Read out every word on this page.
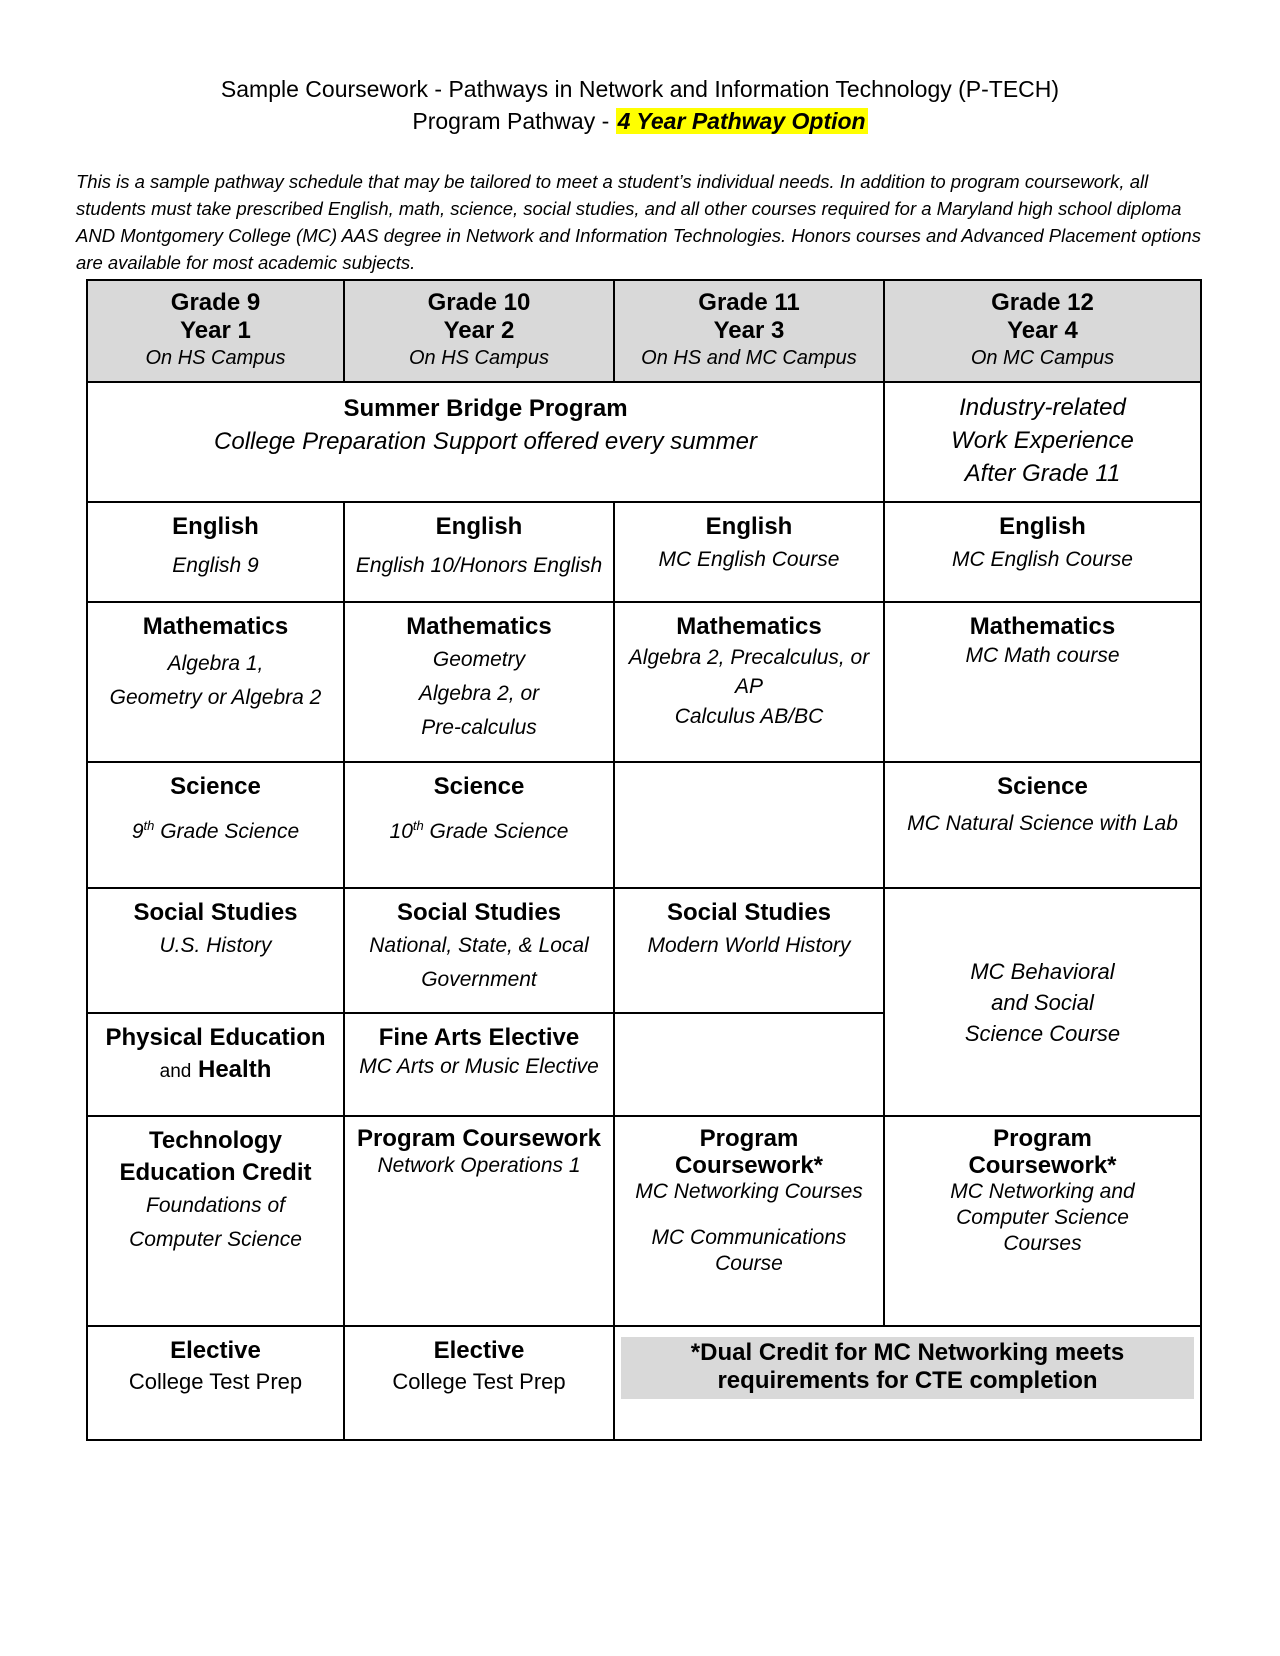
Sample Coursework - Pathways in Network and Information Technology (P-TECH)
Program Pathway - 4 Year Pathway Option
This is a sample pathway schedule that may be tailored to meet a student’s individual needs. In addition to program coursework, all students must take prescribed English, math, science, social studies, and all other courses required for a Maryland high school diploma AND Montgomery College (MC) AAS degree in Network and Information Technologies. Honors courses and Advanced Placement options are available for most academic subjects.
Grade 9
Year 1
On HS Campus	Grade 10
Year 2
On HS Campus	Grade 11
Year 3
On HS and MC Campus	Grade 12
Year 4
On MC Campus

Summer Bridge Program
College Preparation Support offered every summer			Industry-related
Work Experience
After Grade 11

English
English 9	English
English 10/Honors English	English
MC English Course	English
MC English Course

Mathematics
Algebra 1,
Geometry or Algebra 2	Mathematics
Geometry
Algebra 2, or
Pre-calculus	Mathematics
Algebra 2, Precalculus, or
AP
Calculus AB/BC	Mathematics
MC Math course

Science
9th Grade Science	Science
10th Grade Science		Science
MC Natural Science with Lab

Social Studies
U.S. History	Social Studies
National, State, & Local
Government	Social Studies
Modern World History	MC Behavioral
and Social
Science Course

Physical Education
and Health	Fine Arts Elective
MC Arts or Music Elective		

Technology
Education Credit
Foundations of
Computer Science	Program Coursework
Network Operations 1	Program
Coursework*
MC Networking Courses
MC Communications
Course	Program
Coursework*
MC Networking and
Computer Science
Courses

Elective
College Test Prep	Elective
College Test Prep	*Dual Credit for MC Networking meets
requirements for CTE completion	
